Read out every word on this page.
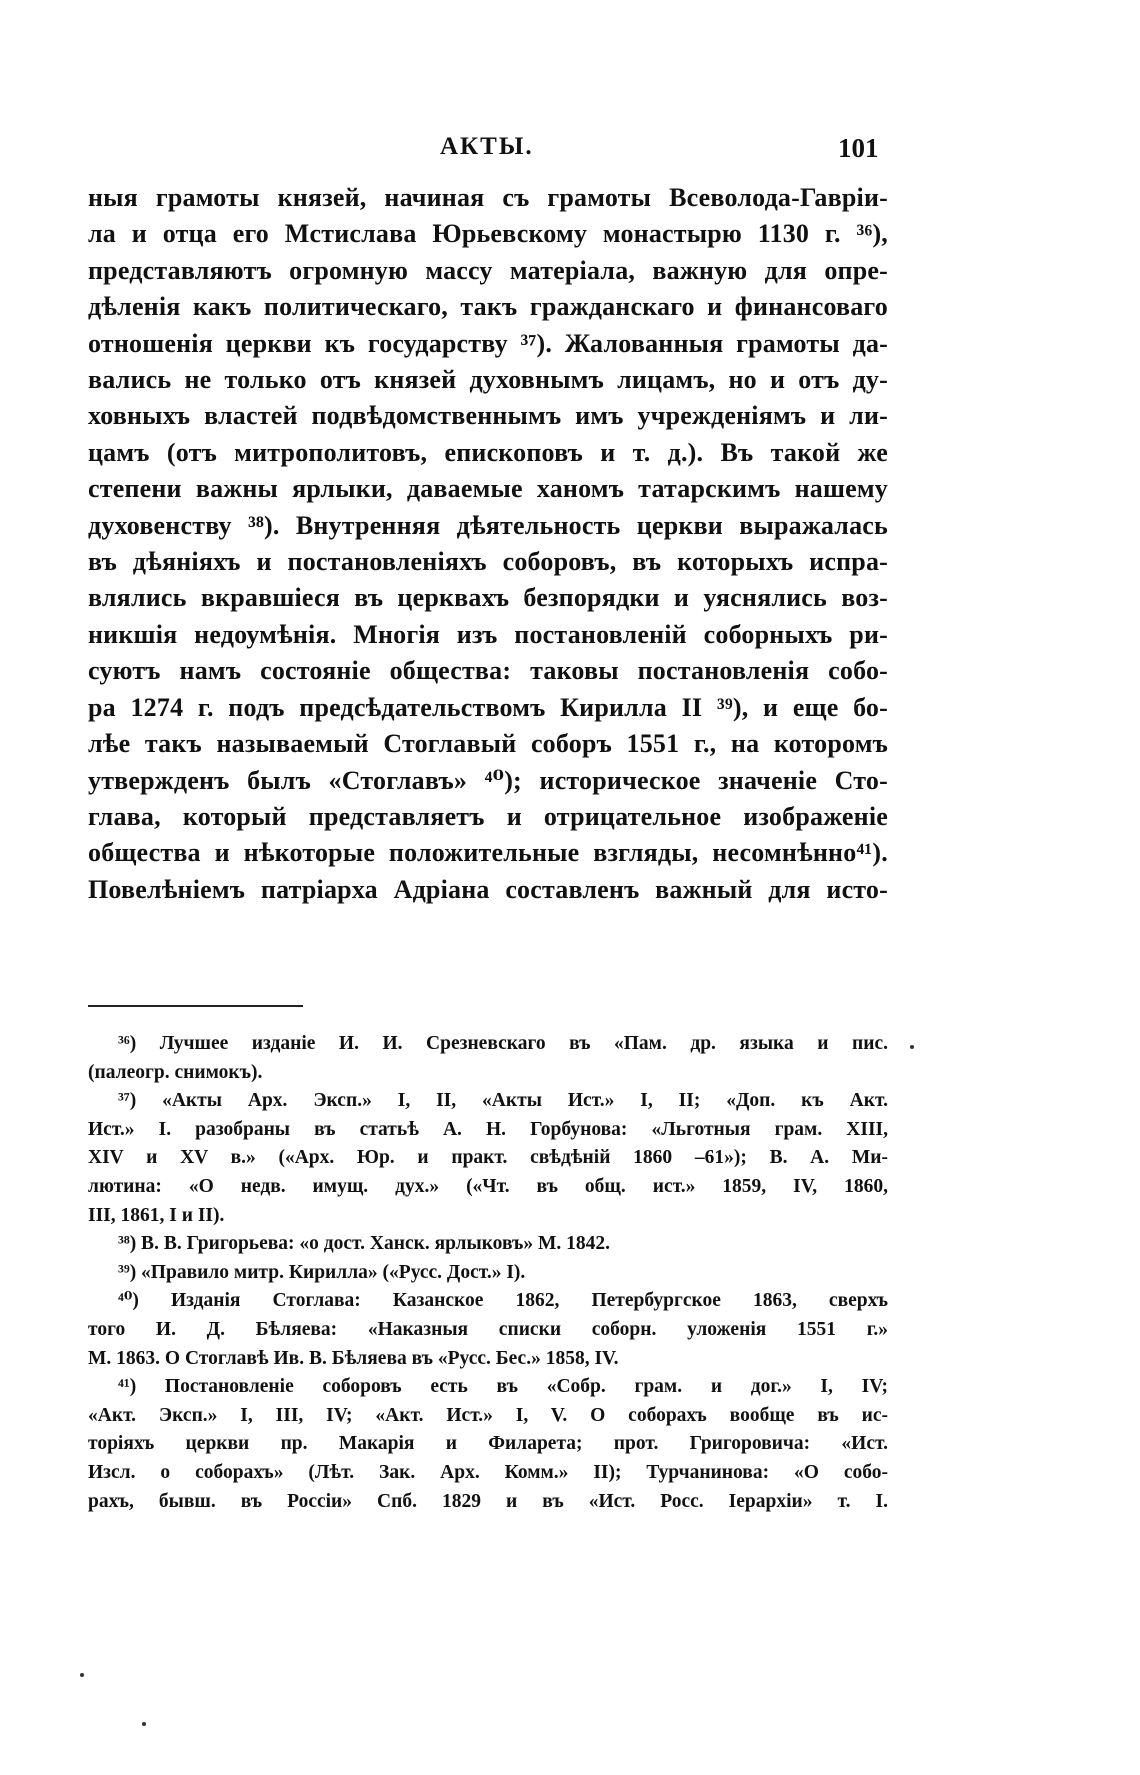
АКТЫ.	101
ныя грамоты князей, начиная съ грамоты Всеволода-Гавріи-
ла и отца его Мстислава Юрьевскому монастырю 1130 г. ³⁶),
представляютъ огромную массу матеріала, важную для опре-
дѣленія какъ политическаго, такъ гражданскаго и финансоваго
отношенія церкви къ государству ³⁷). Жалованныя грамоты да-
вались не только отъ князей духовнымъ лицамъ, но и отъ ду-
ховныхъ властей подвѣдомственнымъ имъ учрежденіямъ и ли-
цамъ (отъ митрополитовъ, епископовъ и т. д.). Въ такой же
степени важны ярлыки, даваемые ханомъ татарскимъ нашему
духовенству ³⁸). Внутренняя дѣятельность церкви выражалась
въ дѣяніяхъ и постановленіяхъ соборовъ, въ которыхъ испра-
влялись вкравшіеся въ церквахъ безпорядки и уяснялись воз-
никшія недоумѣнія. Многія изъ постановленій соборныхъ ри-
суютъ намъ состояніе общества: таковы постановленія собо-
ра 1274 г. подъ предсѣдательствомъ Кирилла II ³⁹), и еще бо-
лѣе такъ называемый Стоглавый соборъ 1551 г., на которомъ
утвержденъ былъ «Стоглавъ» ⁴⁰); историческое значеніе Сто-
глава, который представляетъ и отрицательное изображеніе
общества и нѣкоторые положительные взгляды, несомнѣнно⁴¹).
Повелѣніемъ патріарха Адріана составленъ важный для исто-
³⁶) Лучшее изданіе И. И. Срезневскаго въ «Пам. др. языка и пис.
(палеогр. снимокъ).
³⁷) «Акты Арх. Эксп.» I, II, «Акты Ист.» I, II; «Доп. къ Акт.
Ист.» I. разобраны въ статьѣ А. Н. Горбунова: «Льготныя грам. XIII,
XIV и XV в.» («Арх. Юр. и практ. свѣдѣній 1860 –61»); В. А. Ми-
лютина: «О недв. имущ. дух.» («Чт. въ общ. ист.» 1859, IV, 1860,
III, 1861, I и II).
³⁸) В. В. Григорьева: «о дост. Ханск. ярлыковъ» М. 1842.
³⁹) «Правило митр. Кирилла» («Русс. Дост.» I).
⁴⁰) Изданія Стоглава: Казанское 1862, Петербургское 1863, сверхъ
того И. Д. Бѣляева: «Наказныя списки соборн. уложенія 1551 г.»
М. 1863. О Стоглавѣ Ив. В. Бѣляева въ «Русс. Бес.» 1858, IV.
⁴¹) Постановленіе соборовъ есть въ «Собр. грам. и дог.» I, IV;
«Акт. Эксп.» I, III, IV; «Акт. Ист.» I, V. О соборахъ вообще въ ис-
торіяхъ церкви пр. Макарія и Филарета; прот. Григоровича: «Ист.
Изсл. о соборахъ» (Лѣт. Зак. Арх. Комм.» II); Турчанинова: «О собо-
рахъ, бывш. въ Россіи» Спб. 1829 и въ «Ист. Росс. Іерархіи» т. I.
